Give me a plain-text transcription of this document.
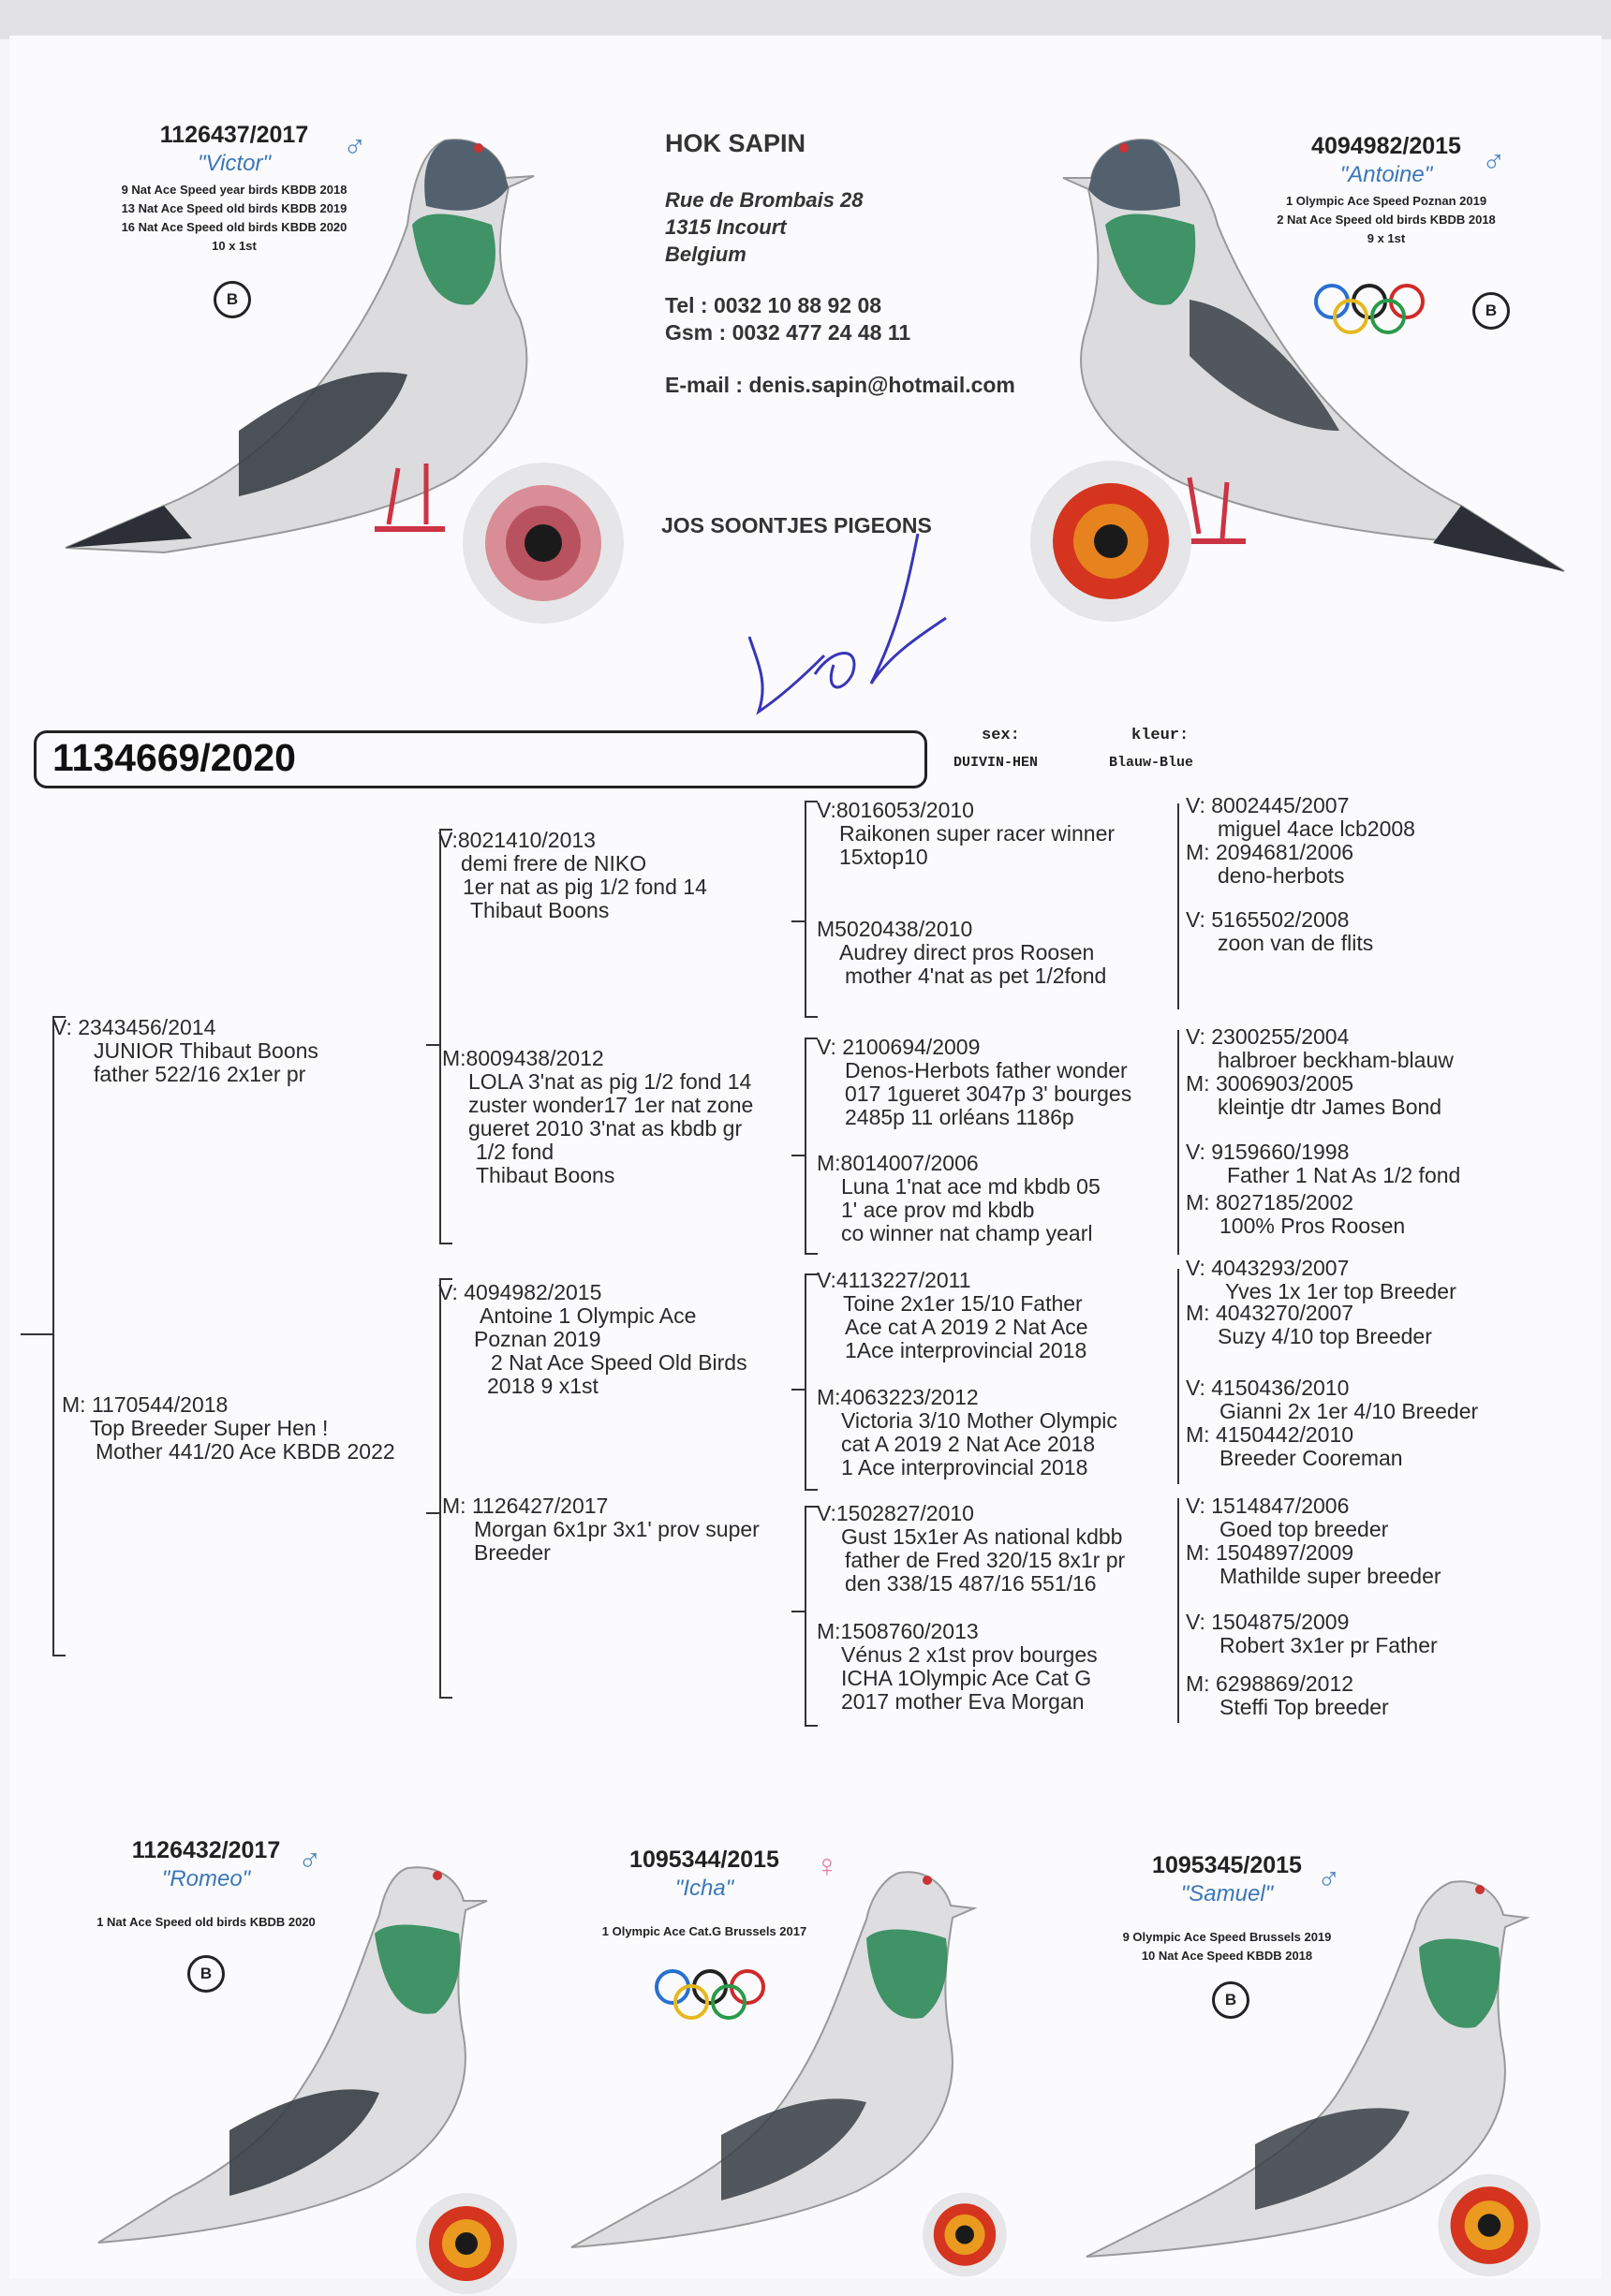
1126437/2017
"Victor"
9 Nat Ace Speed year birds KBDB 2018
13 Nat Ace Speed old birds KBDB 2019
16 Nat Ace Speed old birds KBDB 2020
10 x 1st
♂
B
4094982/2015
"Antoine"
1 Olympic Ace Speed Poznan 2019
2 Nat Ace Speed old birds KBDB 2018
9 x 1st
♂
B
HOK SAPIN
Rue de Brombais 28
1315 Incourt
Belgium
Tel : 0032 10 88 92 08
Gsm : 0032 477 24 48 11
E-mail : denis.sapin@hotmail.com
JOS SOONTJES PIGEONS
1134669/2020
sex:
DUIVIN-HEN
kleur:
Blauw-Blue
V: 2343456/2014
JUNIOR Thibaut Boons
father 522/16 2x1er pr
M: 1170544/2018
Top Breeder Super Hen !
Mother 441/20 Ace KBDB 2022
V:8021410/2013
demi frere de NIKO
1er nat as pig 1/2 fond 14
Thibaut Boons
M:8009438/2012
LOLA 3'nat as pig 1/2 fond 14
zuster wonder17 1er nat zone
gueret 2010 3'nat as kbdb gr
1/2 fond
Thibaut Boons
V: 4094982/2015
Antoine 1 Olympic Ace
Poznan 2019
2 Nat Ace Speed Old Birds
2018 9 x1st
M: 1126427/2017
Morgan 6x1pr 3x1' prov super
Breeder
V:8016053/2010
Raikonen super racer winner
15xtop10
M5020438/2010
Audrey direct pros Roosen
mother 4'nat as pet 1/2fond
V: 2100694/2009
Denos-Herbots father wonder
017 1gueret 3047p 3' bourges
2485p 11 orléans 1186p
M:8014007/2006
Luna 1'nat ace md kbdb 05
1' ace prov md kbdb
co winner nat champ yearl
V:4113227/2011
Toine 2x1er 15/10 Father
Ace cat A 2019 2 Nat Ace
1Ace interprovincial 2018
M:4063223/2012
Victoria 3/10 Mother Olympic
cat A 2019 2 Nat Ace 2018
1 Ace interprovincial 2018
V:1502827/2010
Gust 15x1er As national kdbb
father de Fred 320/15 8x1r pr
den 338/15 487/16 551/16
M:1508760/2013
Vénus 2 x1st prov bourges
ICHA 1Olympic Ace Cat G
2017 mother Eva Morgan
V: 8002445/2007
miguel 4ace lcb2008
M: 2094681/2006
deno-herbots
V: 5165502/2008
zoon van de flits
V: 2300255/2004
halbroer beckham-blauw
M: 3006903/2005
kleintje dtr James Bond
V: 9159660/1998
Father 1 Nat As 1/2 fond
M: 8027185/2002
100% Pros Roosen
V: 4043293/2007
Yves 1x 1er top Breeder
M: 4043270/2007
Suzy 4/10 top Breeder
V: 4150436/2010
Gianni 2x 1er 4/10 Breeder
M: 4150442/2010
Breeder Cooreman
V: 1514847/2006
Goed top breeder
M: 1504897/2009
Mathilde super breeder
V: 1504875/2009
Robert 3x1er pr Father
M: 6298869/2012
Steffi Top breeder
1126432/2017
"Romeo"
1 Nat Ace Speed old birds KBDB 2020
♂
B
1095344/2015
"Icha"
1 Olympic Ace Cat.G Brussels 2017
♀	1095345/2015
"Samuel"
9 Olympic Ace Speed Brussels 2019
10 Nat Ace Speed KBDB 2018
♂
B
